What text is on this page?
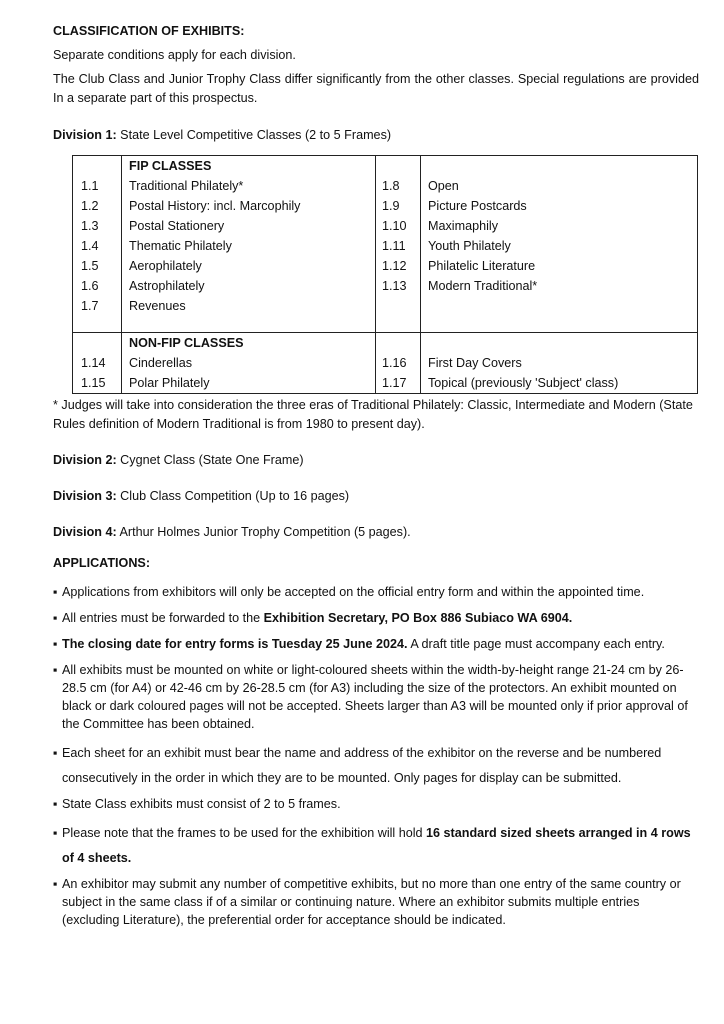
CLASSIFICATION OF EXHIBITS:

Separate conditions apply for each division.

The Club Class and Junior Trophy Class differ significantly from the other classes. Special regulations are provided In a separate part of this prospectus.

Division 1: State Level Competitive Classes (2 to 5 Frames)

	FIP CLASSES		
1.1	Traditional Philately*	1.8	Open
1.2	Postal History: incl. Marcophily	1.9	Picture Postcards
1.3	Postal Stationery	1.10	Maximaphily
1.4	Thematic Philately	1.11	Youth Philately
1.5	Aerophilately	1.12	Philatelic Literature
1.6	Astrophilately	1.13	Modern Traditional*
1.7	Revenues		

	NON-FIP CLASSES		
1.14	Cinderellas	1.16	First Day Covers
1.15	Polar Philately	1.17	Topical (previously 'Subject' class)

* Judges will take into consideration the three eras of Traditional Philately: Classic, Intermediate and Modern (State Rules definition of Modern Traditional is from 1980 to present day).

Division 2: Cygnet Class (State One Frame)

Division 3: Club Class Competition (Up to 16 pages)

Division 4: Arthur Holmes Junior Trophy Competition (5 pages).

APPLICATIONS:

▪ Applications from exhibitors will only be accepted on the official entry form and within the appointed time.
▪ All entries must be forwarded to the Exhibition Secretary, PO Box 886 Subiaco WA 6904.
▪ The closing date for entry forms is Tuesday 25 June 2024. A draft title page must accompany each entry.
▪ All exhibits must be mounted on white or light-coloured sheets within the width-by-height range 21-24 cm by 26-28.5 cm (for A4) or 42-46 cm by 26-28.5 cm (for A3) including the size of the protectors. An exhibit mounted on black or dark coloured pages will not be accepted. Sheets larger than A3 will be mounted only if prior approval of the Committee has been obtained.
▪ Each sheet for an exhibit must bear the name and address of the exhibitor on the reverse and be numbered consecutively in the order in which they are to be mounted. Only pages for display can be submitted.
▪ State Class exhibits must consist of 2 to 5 frames.
▪ Please note that the frames to be used for the exhibition will hold 16 standard sized sheets arranged in 4 rows of 4 sheets.
▪ An exhibitor may submit any number of competitive exhibits, but no more than one entry of the same country or subject in the same class if of a similar or continuing nature. Where an exhibitor submits multiple entries (excluding Literature), the preferential order for acceptance should be indicated.
